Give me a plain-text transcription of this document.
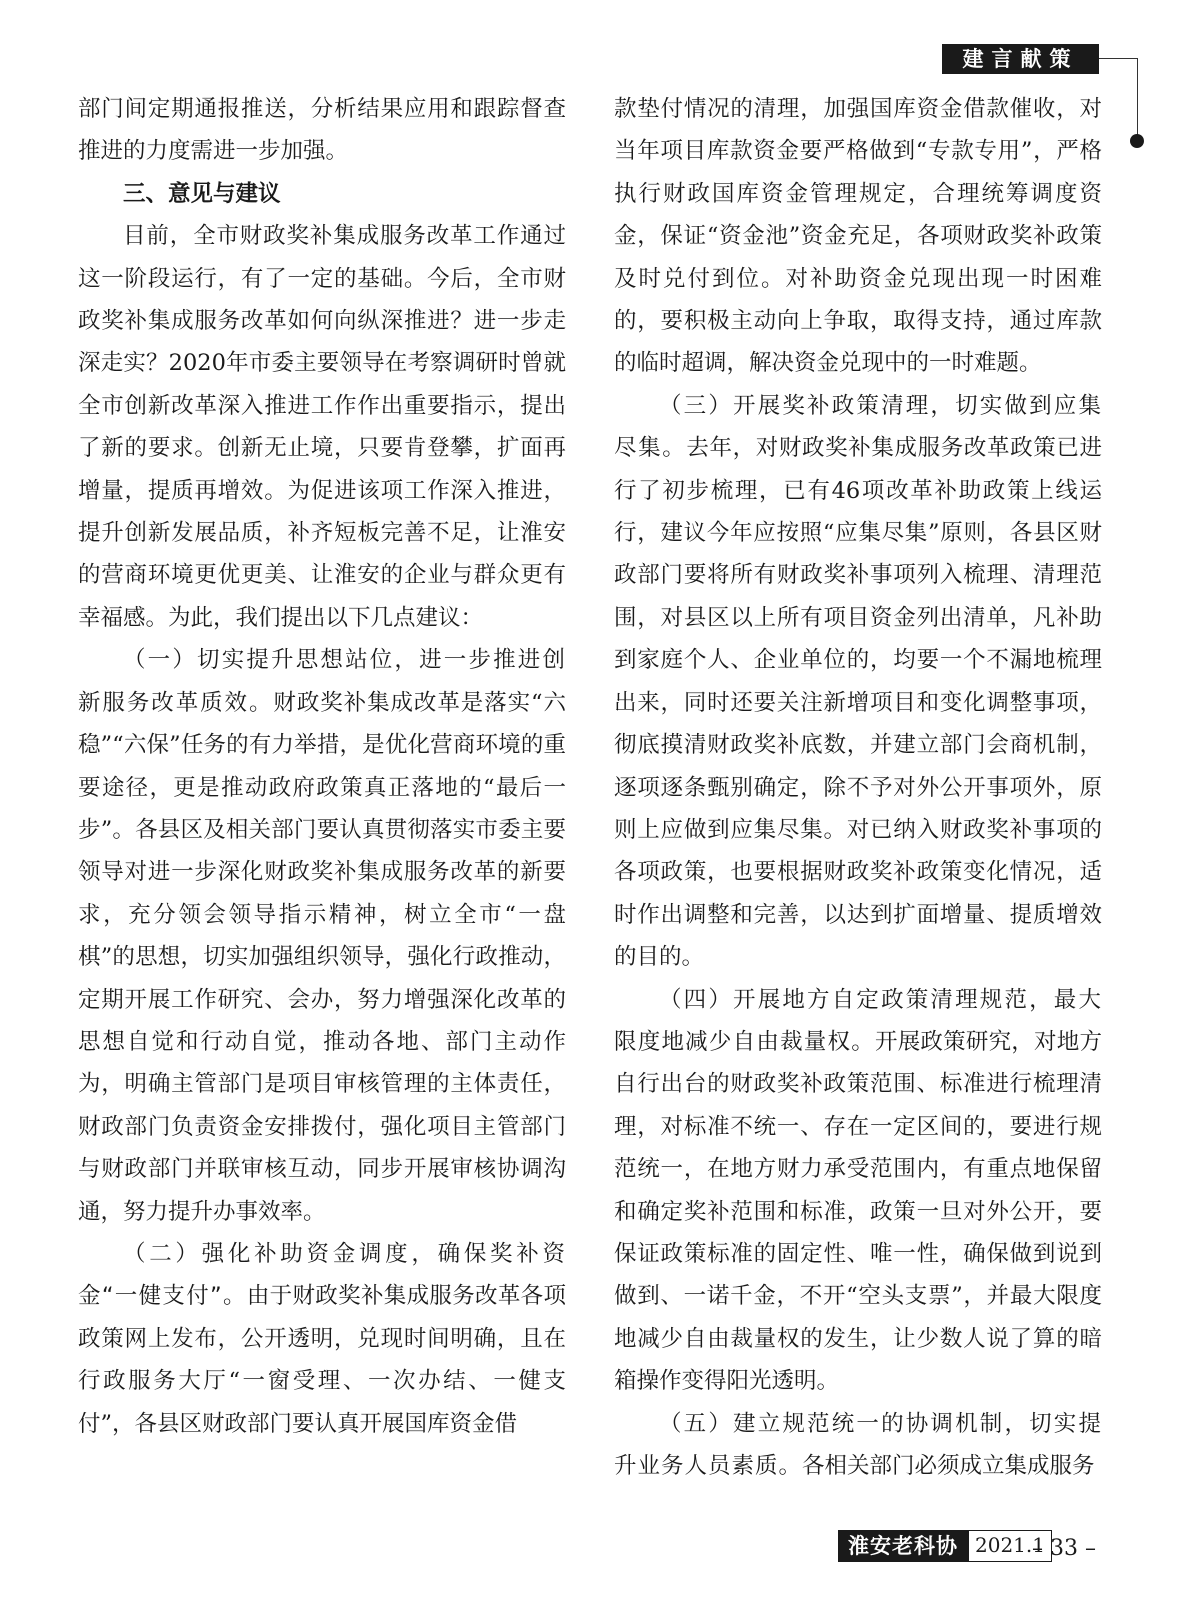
建言献策

部门间定期通报推送，分析结果应用和跟踪督查推进的力度需进一步加强。

三、意见与建议

目前，全市财政奖补集成服务改革工作通过这一阶段运行，有了一定的基础。今后，全市财政奖补集成服务改革如何向纵深推进？进一步走深走实？2020年市委主要领导在考察调研时曾就全市创新改革深入推进工作作出重要指示，提出了新的要求。创新无止境，只要肯登攀，扩面再增量，提质再增效。为促进该项工作深入推进，提升创新发展品质，补齐短板完善不足，让淮安的营商环境更优更美、让淮安的企业与群众更有幸福感。为此，我们提出以下几点建议：

（一）切实提升思想站位，进一步推进创新服务改革质效。财政奖补集成改革是落实“六稳”“六保”任务的有力举措，是优化营商环境的重要途径，更是推动政府政策真正落地的“最后一步”。各县区及相关部门要认真贯彻落实市委主要领导对进一步深化财政奖补集成服务改革的新要求，充分领会领导指示精神，树立全市“一盘棋”的思想，切实加强组织领导，强化行政推动，定期开展工作研究、会办，努力增强深化改革的思想自觉和行动自觉，推动各地、部门主动作为，明确主管部门是项目审核管理的主体责任，财政部门负责资金安排拨付，强化项目主管部门与财政部门并联审核互动，同步开展审核协调沟通，努力提升办事效率。

（二）强化补助资金调度，确保奖补资金“一健支付”。由于财政奖补集成服务改革各项政策网上发布，公开透明，兑现时间明确，且在行政服务大厅“一窗受理、一次办结、一健支付”，各县区财政部门要认真开展国库资金借

款垫付情况的清理，加强国库资金借款催收，对当年项目库款资金要严格做到“专款专用”，严格执行财政国库资金管理规定，合理统筹调度资金，保证“资金池”资金充足，各项财政奖补政策及时兑付到位。对补助资金兑现出现一时困难的，要积极主动向上争取，取得支持，通过库款的临时超调，解决资金兑现中的一时难题。

（三）开展奖补政策清理，切实做到应集尽集。去年，对财政奖补集成服务改革政策已进行了初步梳理，已有46项改革补助政策上线运行，建议今年应按照“应集尽集”原则，各县区财政部门要将所有财政奖补事项列入梳理、清理范围，对县区以上所有项目资金列出清单，凡补助到家庭个人、企业单位的，均要一个不漏地梳理出来，同时还要关注新增项目和变化调整事项，彻底摸清财政奖补底数，并建立部门会商机制，逐项逐条甄别确定，除不予对外公开事项外，原则上应做到应集尽集。对已纳入财政奖补事项的各项政策，也要根据财政奖补政策变化情况，适时作出调整和完善，以达到扩面增量、提质增效的目的。

（四）开展地方自定政策清理规范，最大限度地减少自由裁量权。开展政策研究，对地方自行出台的财政奖补政策范围、标准进行梳理清理，对标准不统一、存在一定区间的，要进行规范统一，在地方财力承受范围内，有重点地保留和确定奖补范围和标准，政策一旦对外公开，要保证政策标准的固定性、唯一性，确保做到说到做到、一诺千金，不开“空头支票”，并最大限度地减少自由裁量权的发生，让少数人说了算的暗箱操作变得阳光透明。

（五）建立规范统一的协调机制，切实提升业务人员素质。各相关部门必须成立集成服务

淮安老科协 2021.1
– 33 –
